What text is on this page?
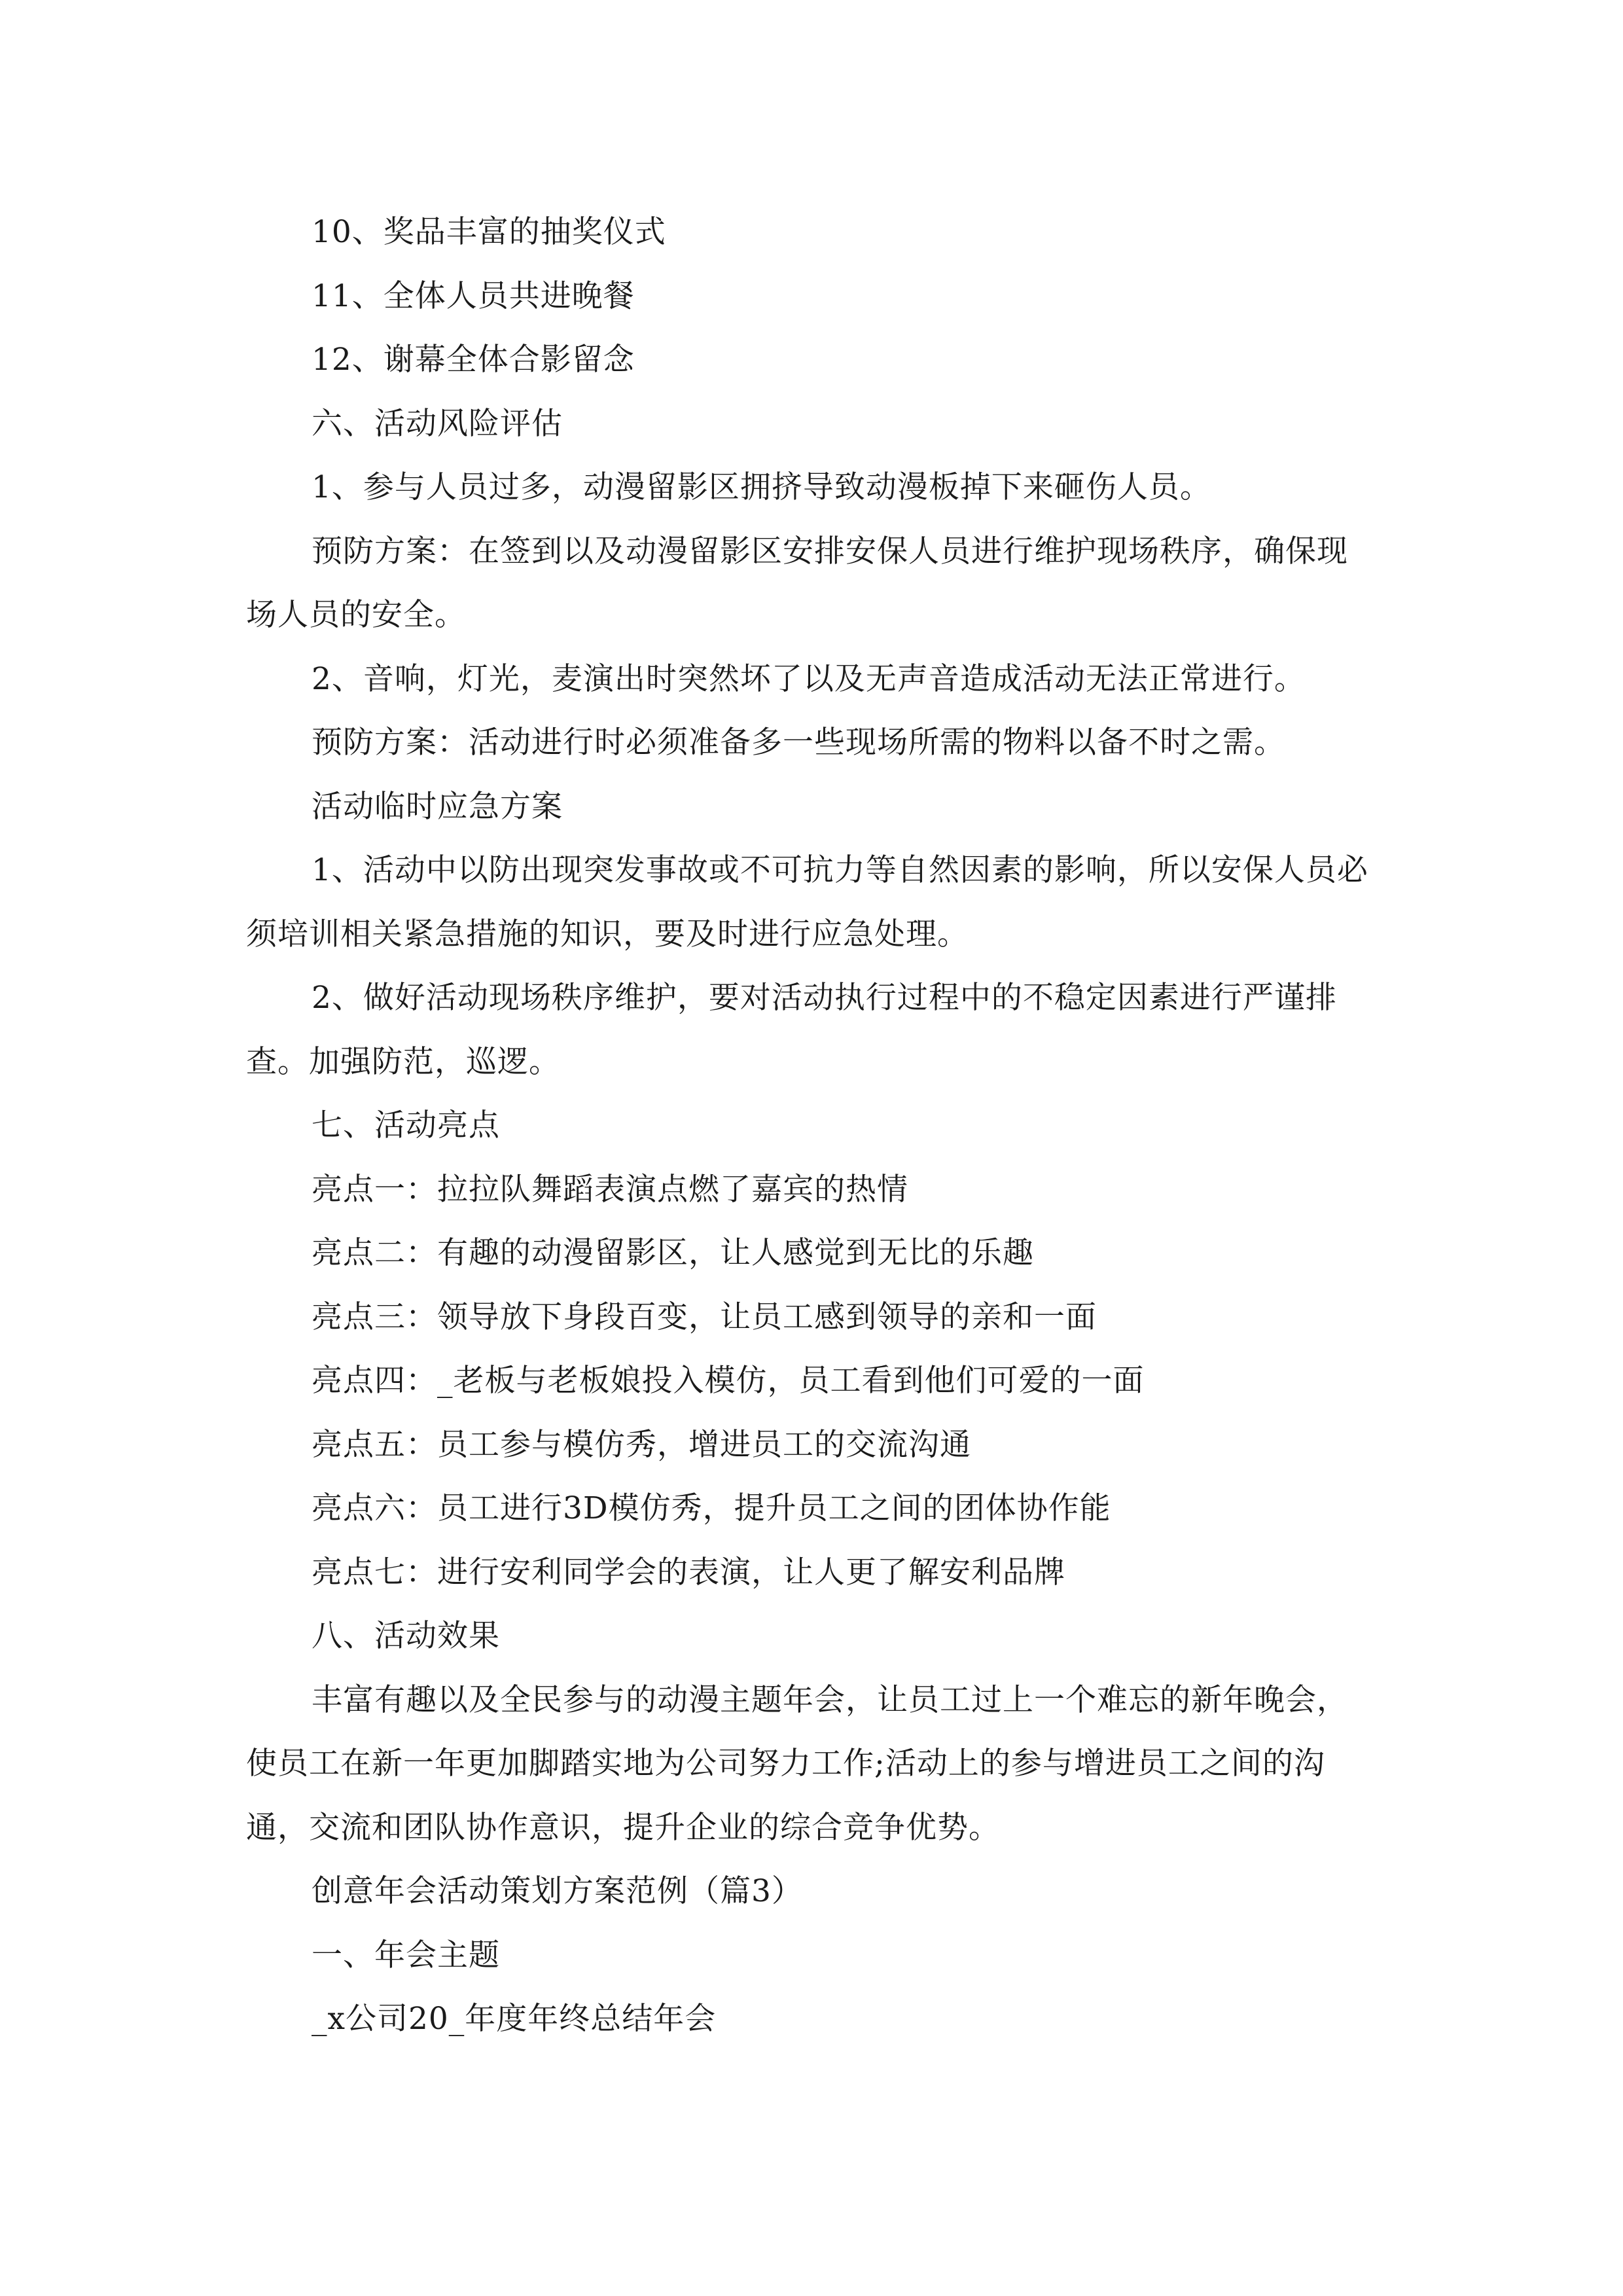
10、奖品丰富的抽奖仪式

11、全体人员共进晚餐

12、谢幕全体合影留念

六、活动风险评估

1、参与人员过多，动漫留影区拥挤导致动漫板掉下来砸伤人员。

预防方案：在签到以及动漫留影区安排安保人员进行维护现场秩序，确保现场人员的安全。

2、音响，灯光，麦演出时突然坏了以及无声音造成活动无法正常进行。

预防方案：活动进行时必须准备多一些现场所需的物料以备不时之需。

活动临时应急方案

1、活动中以防出现突发事故或不可抗力等自然因素的影响，所以安保人员必须培训相关紧急措施的知识，要及时进行应急处理。

2、做好活动现场秩序维护，要对活动执行过程中的不稳定因素进行严谨排查。加强防范，巡逻。

七、活动亮点

亮点一：拉拉队舞蹈表演点燃了嘉宾的热情

亮点二：有趣的动漫留影区，让人感觉到无比的乐趣

亮点三：领导放下身段百变，让员工感到领导的亲和一面

亮点四：_老板与老板娘投入模仿，员工看到他们可爱的一面

亮点五：员工参与模仿秀，增进员工的交流沟通

亮点六：员工进行3D模仿秀，提升员工之间的团体协作能

亮点七：进行安利同学会的表演，让人更了解安利品牌

八、活动效果

丰富有趣以及全民参与的动漫主题年会，让员工过上一个难忘的新年晚会，使员工在新一年更加脚踏实地为公司努力工作;活动上的参与增进员工之间的沟通，交流和团队协作意识，提升企业的综合竞争优势。

创意年会活动策划方案范例（篇3）

一、年会主题

_x公司20_年度年终总结年会
